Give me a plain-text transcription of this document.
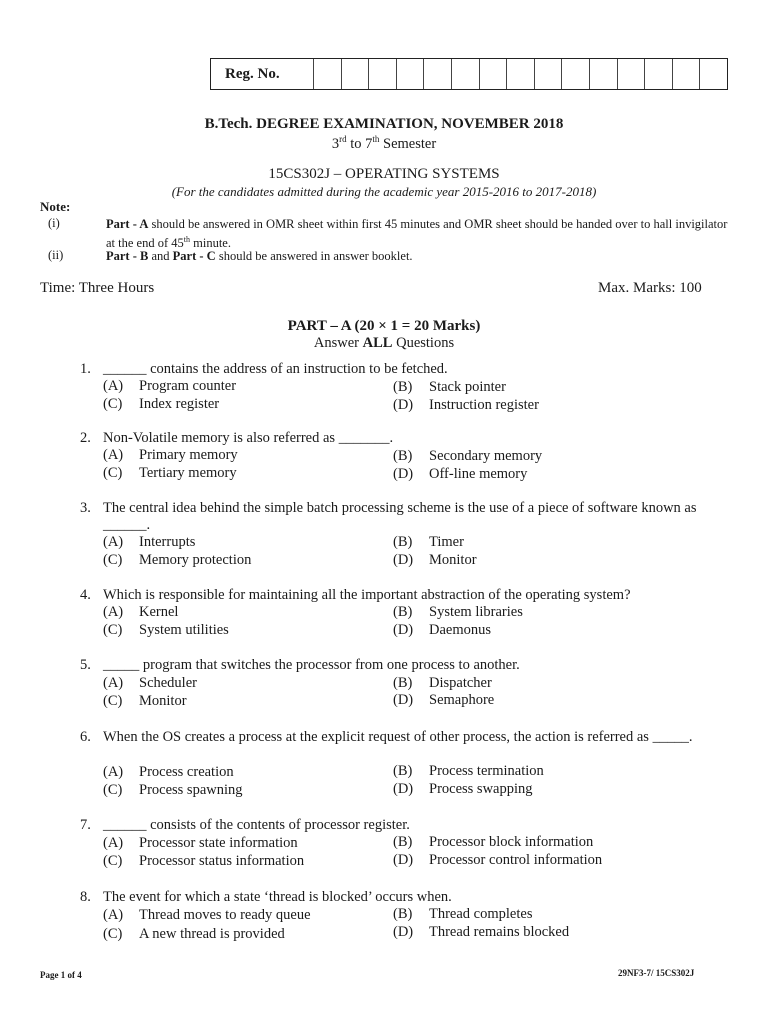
Reg. No.
B.Tech. DEGREE EXAMINATION, NOVEMBER 2018
3rd to 7th Semester
15CS302J – OPERATING SYSTEMS
(For the candidates admitted during the academic year 2015-2016 to 2017-2018)
Note:
(i)	Part - A should be answered in OMR sheet within first 45 minutes and OMR sheet should be handed over to hall invigilator at the end of 45th minute.
(ii)	Part - B and Part - C should be answered in answer booklet.
Time: Three Hours	Max. Marks: 100
PART – A (20 × 1 = 20 Marks)
Answer ALL Questions
1. ______ contains the address of an instruction to be fetched.
(A) Program counter	(B) Stack pointer
(C) Index register	(D) Instruction register
2. Non-Volatile memory is also referred as _______.
(A) Primary memory	(B) Secondary memory
(C) Tertiary memory	(D) Off-line memory
3. The central idea behind the simple batch processing scheme is the use of a piece of software known as ______.
(A) Interrupts	(B) Timer
(C) Memory protection	(D) Monitor
4. Which is responsible for maintaining all the important abstraction of the operating system?
(A) Kernel	(B) System libraries
(C) System utilities	(D) Daemonus
5. _____ program that switches the processor from one process to another.
(A) Scheduler	(B) Dispatcher
(C) Monitor	(D) Semaphore
6. When the OS creates a process at the explicit request of other process, the action is referred as _____.
(A) Process creation	(B) Process termination
(C) Process spawning	(D) Process swapping
7. ______ consists of the contents of processor register.
(A) Processor state information	(B) Processor block information
(C) Processor status information	(D) Processor control information
8. The event for which a state ‘thread is blocked’ occurs when.
(A) Thread moves to ready queue	(B) Thread completes
(C) A new thread is provided	(D) Thread remains blocked
Page 1 of 4	29NF3-7/ 15CS302J
